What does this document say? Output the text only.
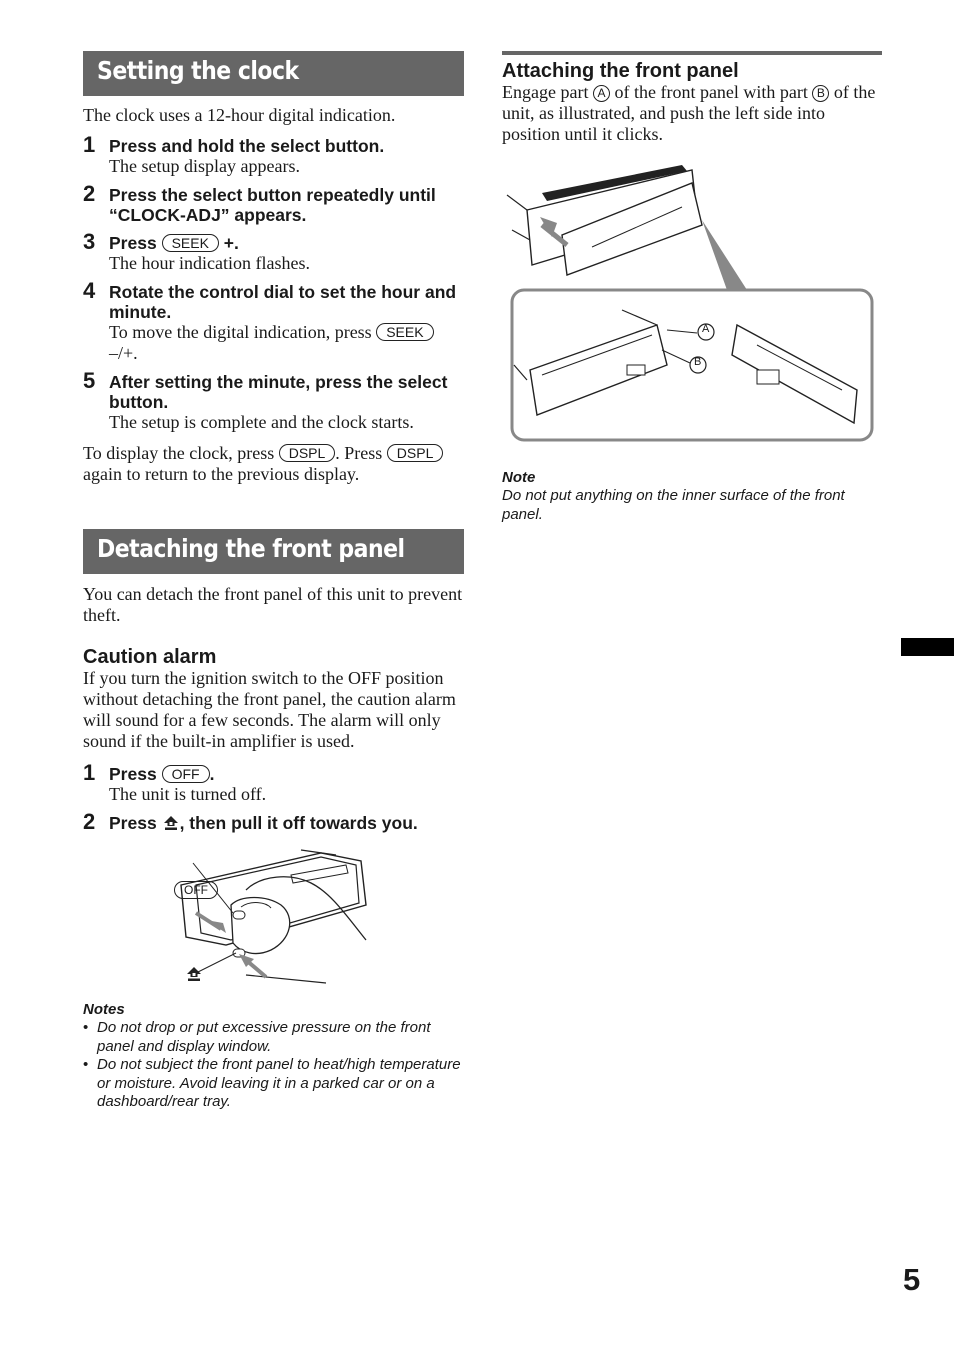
Setting the clock

The clock uses a 12-hour digital indication.

1 Press and hold the select button.

The setup display appears.

2 Press the select button repeatedly until “CLOCK-ADJ” appears.

3 Press SEEK +.

The hour indication flashes.

4 Rotate the control dial to set the hour and minute.

To move the digital indication, press SEEK
–/+.

5 After setting the minute, press the select button.

The setup is complete and the clock starts.

To display the clock, press DSPL . Press DSPL again to return to the previous display.

Detaching the front panel

You can detach the front panel of this unit to prevent theft.

Caution alarm

If you turn the ignition switch to the OFF position without detaching the front panel, the caution alarm will sound for a few seconds. The alarm will only sound if the built-in amplifier is used.

1 Press OFF .

The unit is turned off.

2 Press , then pull it off towards you.

OFF

Notes

• Do not drop or put excessive pressure on the front panel and display window.
• Do not subject the front panel to heat/high temperature or moisture. Avoid leaving it in a parked car or on a dashboard/rear tray.

Attaching the front panel

Engage part A of the front panel with part B of the unit, as illustrated, and push the left side into position until it clicks.

A
B

Note

Do not put anything on the inner surface of the front panel.

5
